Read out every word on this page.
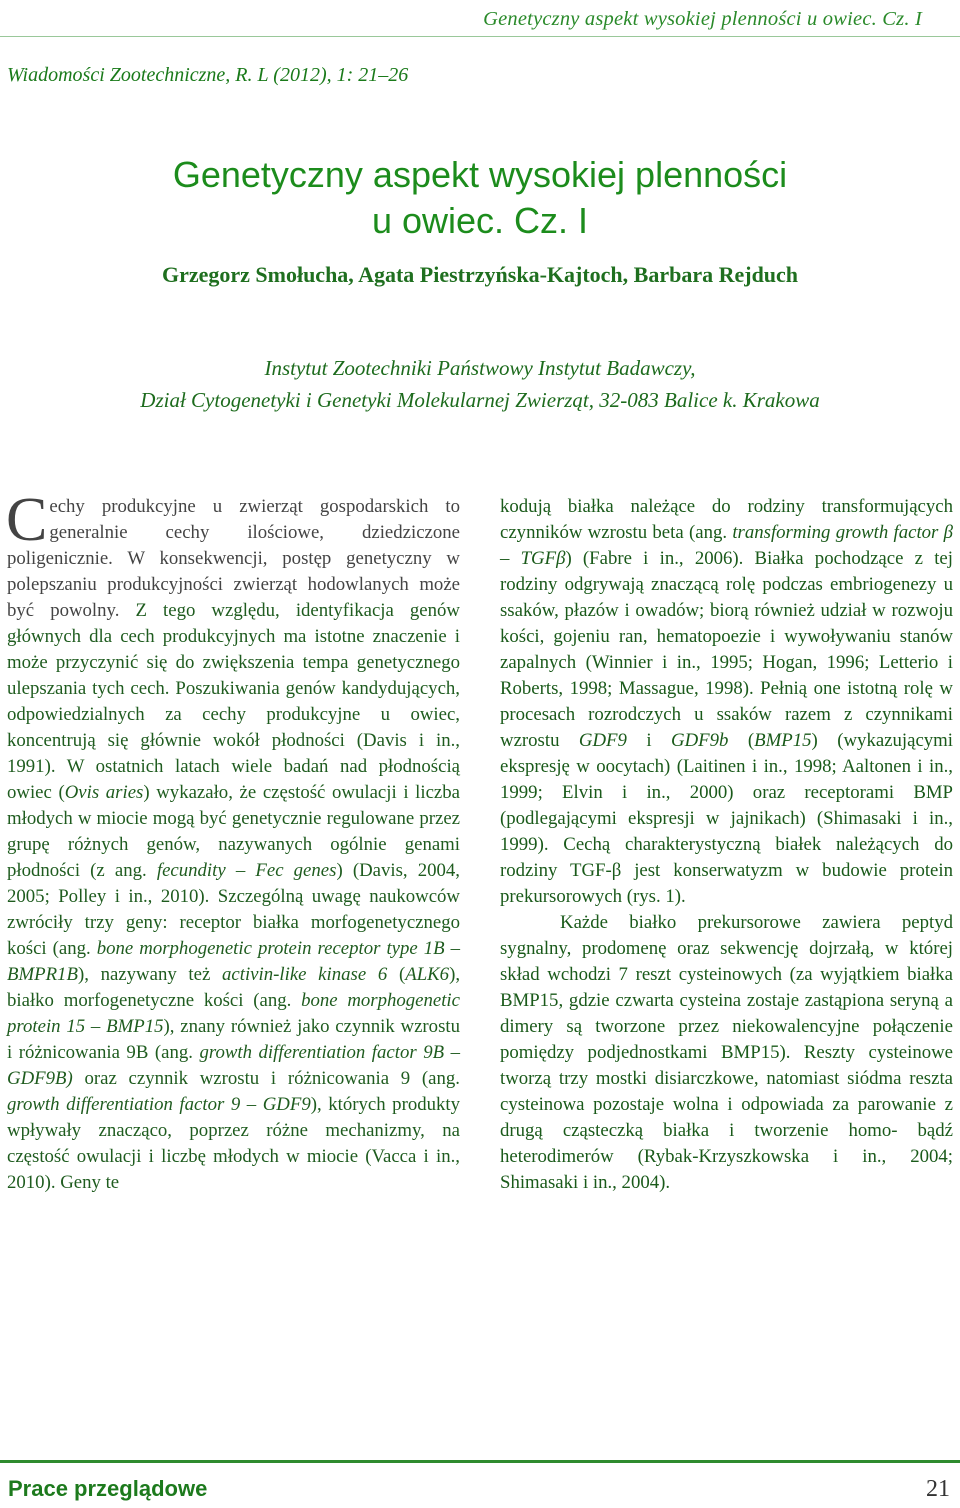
Genetyczny aspekt wysokiej plenności u owiec. Cz. I
Wiadomości Zootechniczne, R. L (2012), 1: 21–26
Genetyczny aspekt wysokiej plenności
u owiec. Cz. I
Grzegorz Smołucha, Agata Piestrzyńska-Kajtoch, Barbara Rejduch
Instytut Zootechniki Państwowy Instytut Badawczy,
Dział Cytogenetyki i Genetyki Molekularnej Zwierząt, 32-083 Balice k. Krakowa

Cechy produkcyjne u zwierząt gospodarskich to generalnie cechy ilościowe, dziedziczone poligenicznie. W konsekwencji, postęp genetyczny w polepszaniu produkcyjności zwierząt hodowlanych może być powolny. Z tego względu, identyfikacja genów głównych dla cech produkcyjnych ma istotne znaczenie i może przyczynić się do zwiększenia tempa genetycznego ulepszania tych cech. Poszukiwania genów kandydujących, odpowiedzialnych za cechy produkcyjne u owiec, koncentrują się głównie wokół płodności (Davis i in., 1991). W ostatnich latach wiele badań nad płodnością owiec (Ovis aries) wykazało, że częstość owulacji i liczba młodych w miocie mogą być genetycznie regulowane przez grupę różnych genów, nazywanych ogólnie genami płodności (z ang. fecundity – Fec genes) (Davis, 2004, 2005; Polley i in., 2010). Szczególną uwagę naukowców zwróciły trzy geny: receptor białka morfogenetycznego kości (ang. bone morphogenetic protein receptor type 1B – BMPR1B), nazywany też activin-like kinase 6 (ALK6), białko morfogenetyczne kości (ang. bone morphogenetic protein 15 – BMP15), znany również jako czynnik wzrostu i różnicowania 9B (ang. growth differentiation factor 9B – GDF9B) oraz czynnik wzrostu i różnicowania 9 (ang. growth differentiation factor 9 – GDF9), których produkty wpływały znacząco, poprzez różne mechanizmy, na częstość owulacji i liczbę młodych w miocie (Vacca i in., 2010). Geny te

kodują białka należące do rodziny transformujących czynników wzrostu beta (ang. transforming growth factor β – TGFβ) (Fabre i in., 2006). Białka pochodzące z tej rodziny odgrywają znaczącą rolę podczas embriogenezy u ssaków, płazów i owadów; biorą również udział w rozwoju kości, gojeniu ran, hematopoezie i wywoływaniu stanów zapalnych (Winnier i in., 1995; Hogan, 1996; Letterio i Roberts, 1998; Massague, 1998). Pełnią one istotną rolę w procesach rozrodczych u ssaków razem z czynnikami wzrostu GDF9 i GDF9b (BMP15) (wykazującymi ekspresję w oocytach) (Laitinen i in., 1998; Aaltonen i in., 1999; Elvin i in., 2000) oraz receptorami BMP (podlegającymi ekspresji w jajnikach) (Shimasaki i in., 1999). Cechą charakterystyczną białek należących do rodziny TGF-β jest konserwatyzm w budowie protein prekursorowych (rys. 1).

Każde białko prekursorowe zawiera peptyd sygnalny, prodomenę oraz sekwencję dojrzałą, w której skład wchodzi 7 reszt cysteinowych (za wyjątkiem białka BMP15, gdzie czwarta cysteina zostaje zastąpiona seryną a dimery są tworzone przez niekowalencyjne połączenie pomiędzy podjednostkami BMP15). Reszty cysteinowe tworzą trzy mostki disiarczkowe, natomiast siódma reszta cysteinowa pozostaje wolna i odpowiada za parowanie z drugą cząsteczką białka i tworzenie homo- bądź heterodimerów (Rybak-Krzyszkowska i in., 2004; Shimasaki i in., 2004).

Prace przeglądowe	21
